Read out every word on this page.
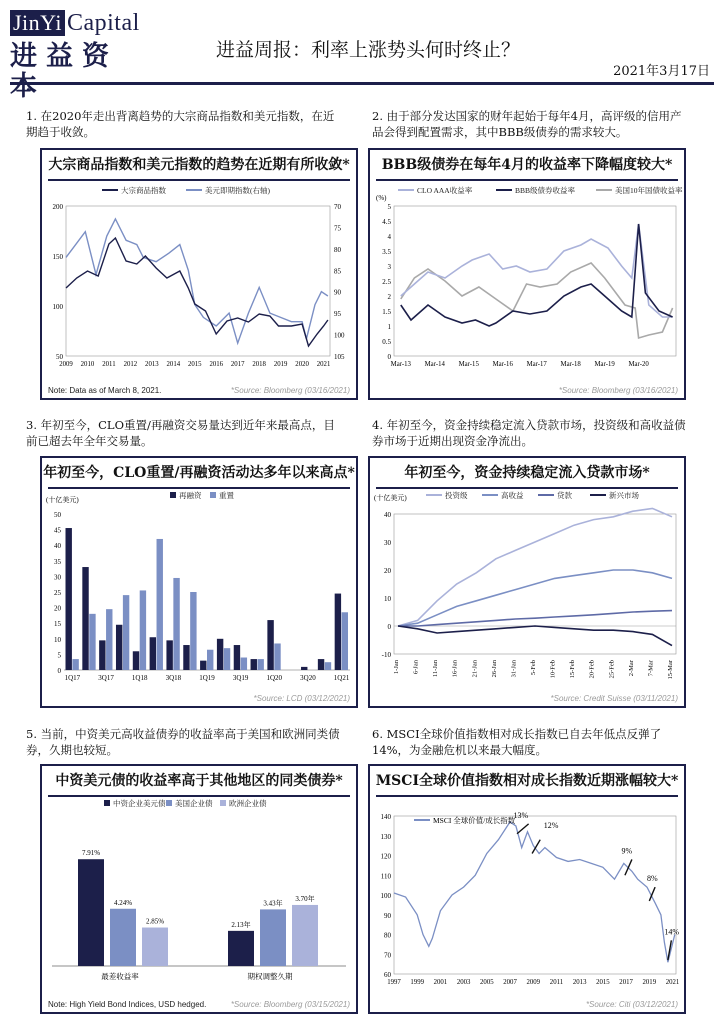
JinYi Capital
进益资本
进益周报：利率上涨势头何时终止？
2021年3月17日
1. 在2020年走出背离趋势的大宗商品指数和美元指数，在近期趋于收敛。
2. 由于部分发达国家的财年起始于每年4月，高评级的信用产品会得到配置需求，其中BBB级债券的需求较大。
3. 年初至今，CLO重置/再融资交易量达到近年来最高点，目前已超去年全年交易量。
4. 年初至今，资金持续稳定流入贷款市场，投资级和高收益债券市场于近期出现资金净流出。
5. 当前，中资美元高收益债券的收益率高于美国和欧洲同类债券，久期也较短。
6. MSCI全球价值指数相对成长指数已自去年低点反弹了14%，为金融危机以来最大幅度。
大宗商品指数和美元指数的趋势在近期有所收敛*
50
100
150
200	70
75
80
85
90
95
100
105
2009 2010 2011 2012 2013 2014 2015 2016 2017 2018 2019 2020 2021
大宗商品指数	美元即期指数(右轴)
Note: Data as of March 8, 2021.	*Source: Bloomberg (03/16/2021)
BBB级债券在每年4月的收益率下降幅度较大*
(%)
0
0.5
1
1.5
2
2.5
3
3.5
4
4.5
5
Mar-13 Mar-14 Mar-15 Mar-16 Mar-17 Mar-18 Mar-19 Mar-20
CLO AAA收益率	BBB级债券收益率	美国10年国债收益率
*Source: Bloomberg (03/16/2021)
年初至今，CLO重置/再融资活动达多年以来高点*
(十亿美元)
0
5
10
15
20
25
30
35
40
45
50
1Q17	3Q17	1Q18	3Q18	1Q19	3Q19	1Q20	3Q20	1Q21
再融资 重置
*Source: LCD (03/12/2021)
年初至今，资金持续稳定流入贷款市场*
(十亿美元)
-10
0
10
20
30
40
1-Jan 6-Jan 11-Jan 16-Jan 21-Jan 26-Jan 31-Jan 5-Feb 10-Feb 15-Feb 20-Feb 25-Feb 2-Mar 7-Mar 15-Mar
投资级	高收益	贷款	新兴市场
*Source: Credit Suisse (03/11/2021)
中资美元债的收益率高于其他地区的同类债券*
7.91%
4.24%
2.85%
最差收益率
2.13年
3.43年
3.70年
期权调整久期
中资企业美元债 美国企业债 欧洲企业债
Note: High Yield Bond Indices, USD hedged.	*Source: Bloomberg (03/15/2021)
MSCI全球价值指数相对成长指数近期涨幅较大*
60
70
80
90
100
110
120
130
140
1997 1999 2001 2003 2005 2007 2009 2011 2013 2015 2017 2019 2021
MSCI 全球价值/成长指数
13%
12%
9%
8%
14%
*Source: Citi (03/12/2021)
